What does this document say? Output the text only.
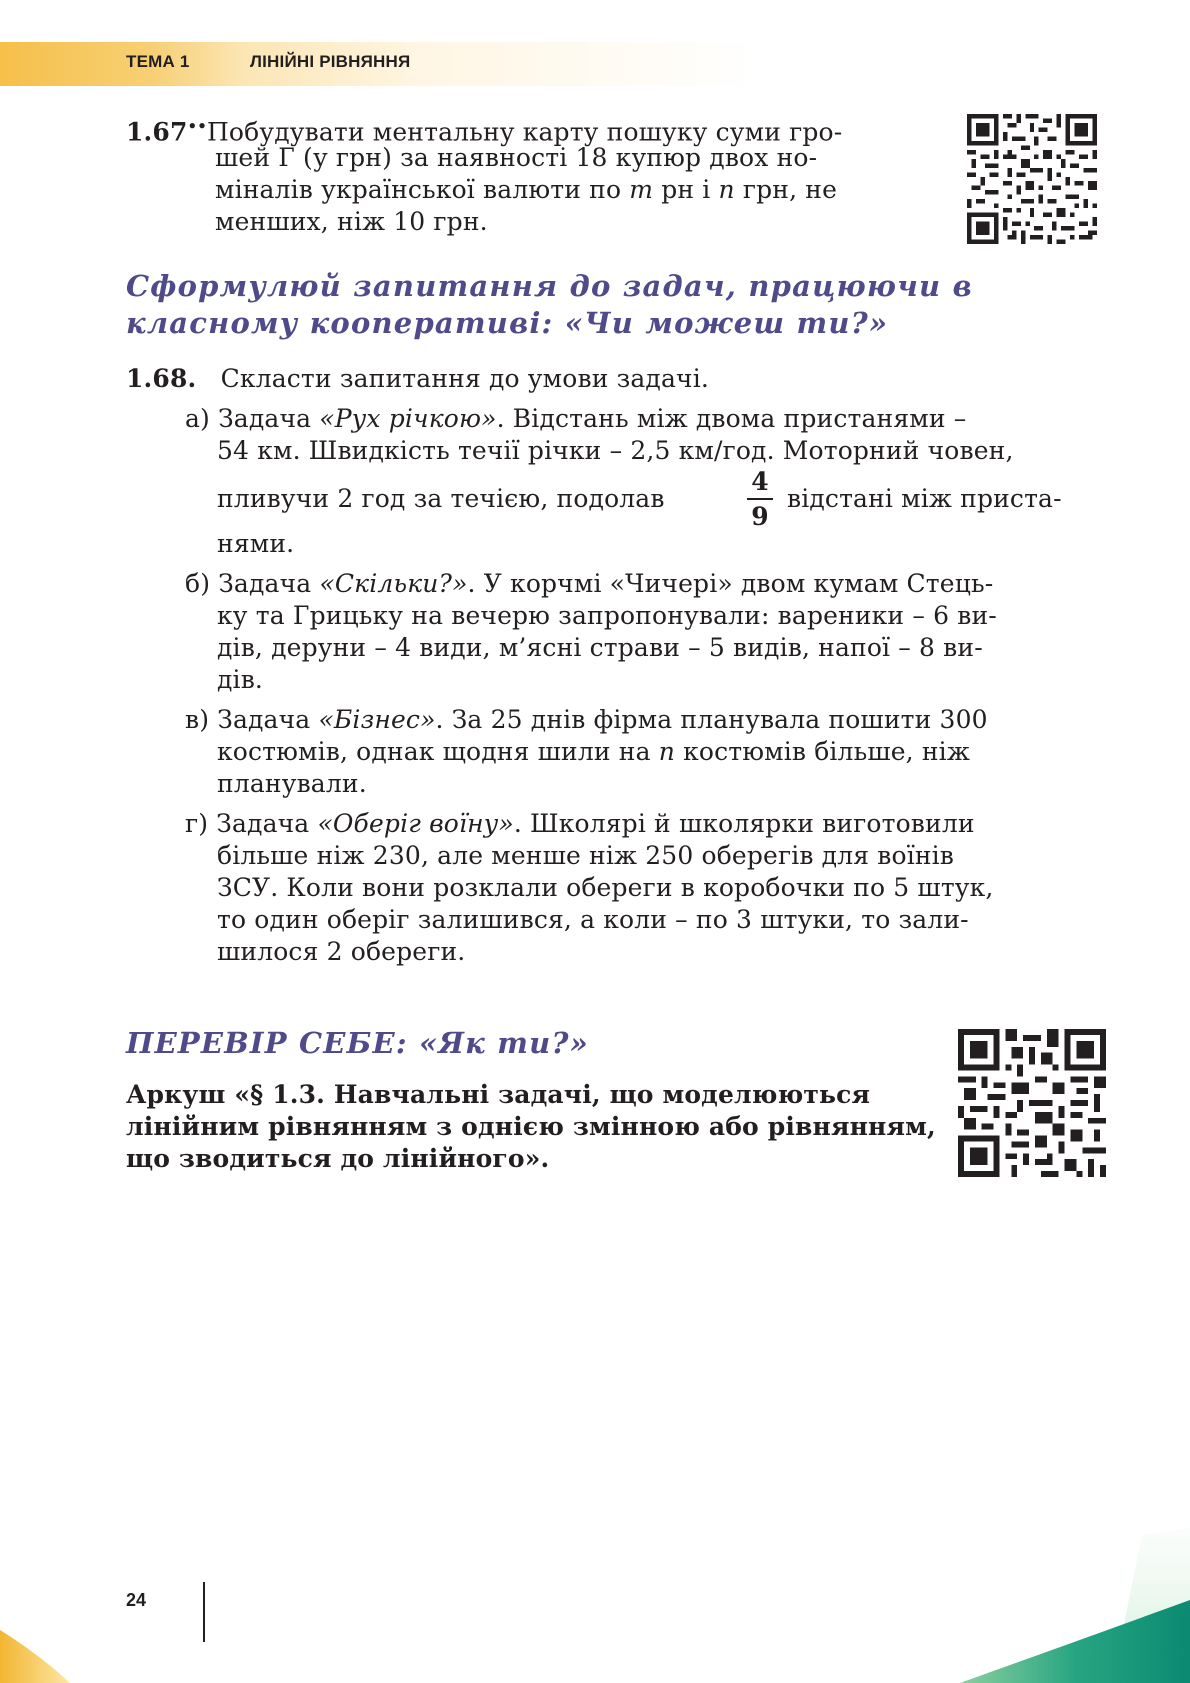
ТЕМА 1	ЛІНІЙНІ РІВНЯННЯ
1.67••Побудувати ментальну карту пошуку суми гро-
шей Г (у грн) за наявності 18 купюр двох но-
міналів української валюти по m рн і n грн, не
менших, ніж 10 грн.
Сформулюй запитання до задач, працюючи в
класному кооперативі: «Чи можеш ти?»
1.68. Скласти запитання до умови задачі.
а) Задача «Рух річкою». Відстань між двома пристанями –
54 км. Швидкість течії річки – 2,5 км/год. Моторний човен,
пливучи 2 год за течією, подолав
4
9
відстані між приста-
нями.
б) Задача «Скільки?». У корчмі «Чичері» двом кумам Стець-
ку та Грицьку на вечерю запропонували: вареники – 6 ви-
дів, деруни – 4 види, м’ясні страви – 5 видів, напої – 8 ви-
дів.
в) Задача «Бізнес». За 25 днів фірма планувала пошити 300
костюмів, однак щодня шили на n костюмів більше, ніж
планували.
г) Задача «Оберіг воїну». Школярі й школярки виготовили
більше ніж 230, але менше ніж 250 оберегів для воїнів
ЗСУ. Коли вони розклали обереги в коробочки по 5 штук,
то один оберіг залишився, а коли – по 3 штуки, то зали-
шилося 2 обереги.
ПЕРЕВІР СЕБЕ: «Як ти?»
Аркуш «§ 1.3. Навчальні задачі, що моделюються
лінійним рівнянням з однією змінною або рівнянням,
що зводиться до лінійного».
24
